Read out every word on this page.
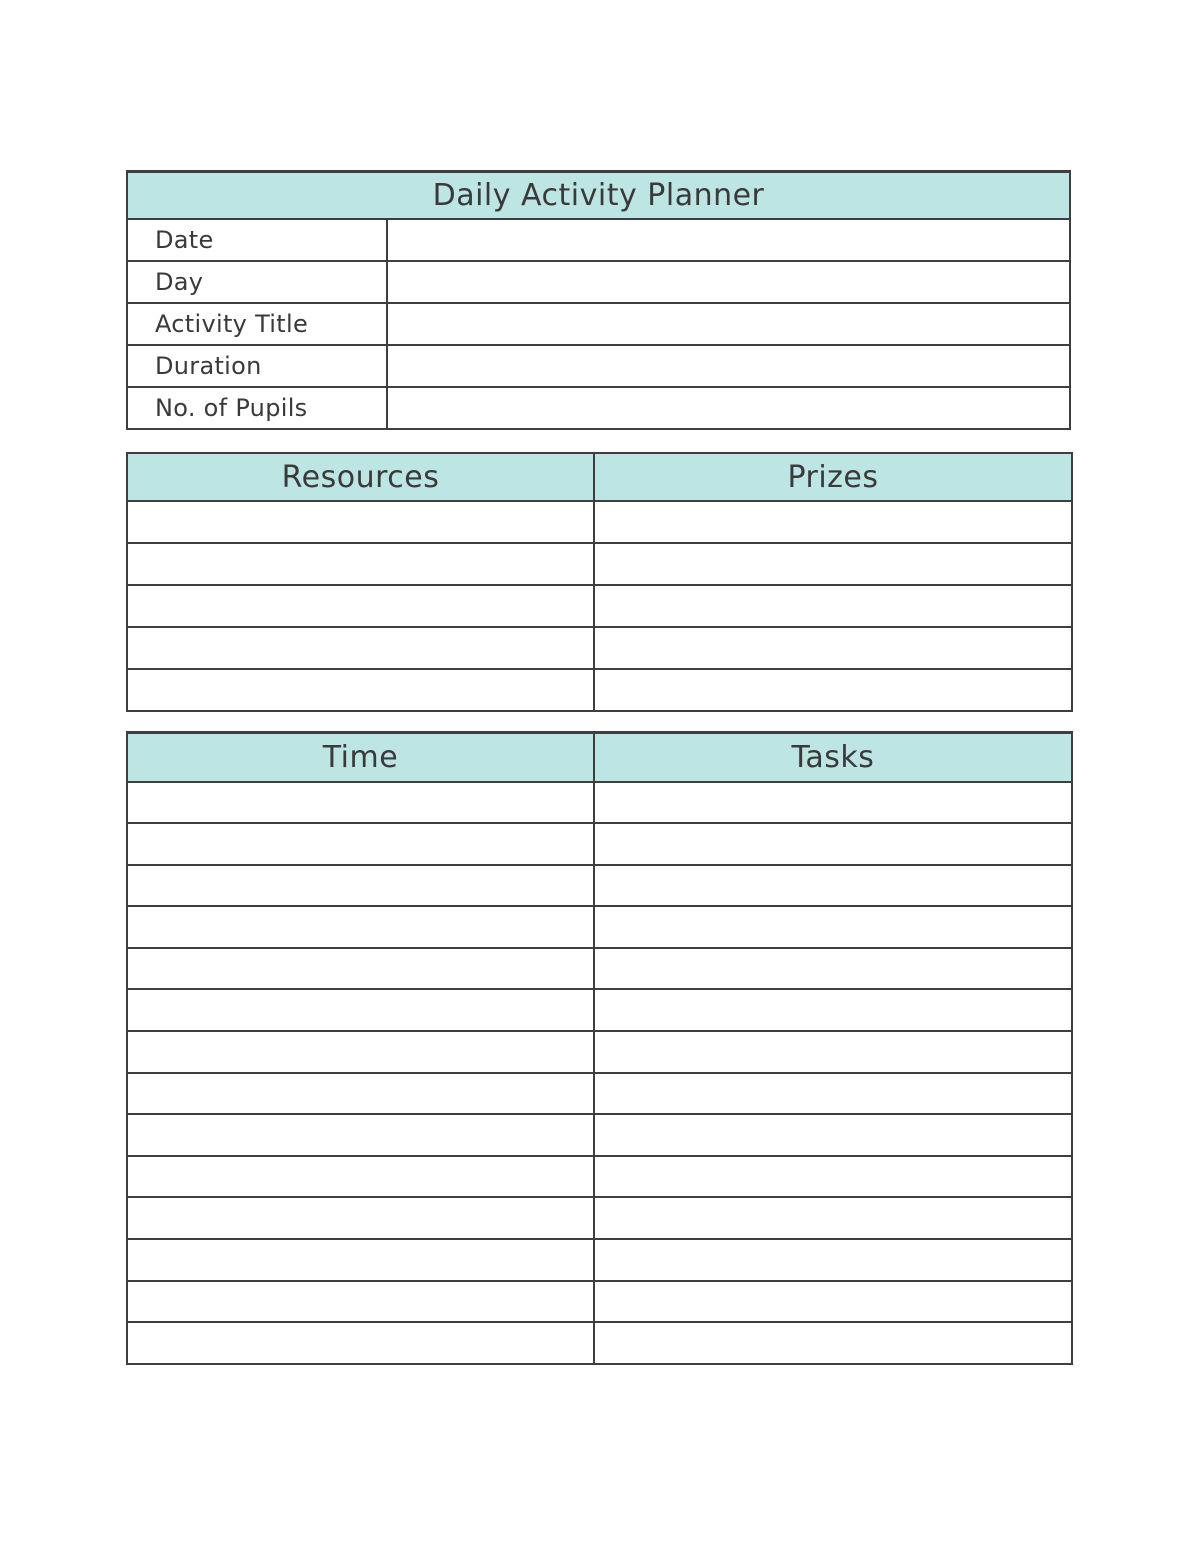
Daily Activity Planner	
Date	
Day	
Activity Title	
Duration	
No. of Pupils	
Resources	Prizes

Time	Tasks
